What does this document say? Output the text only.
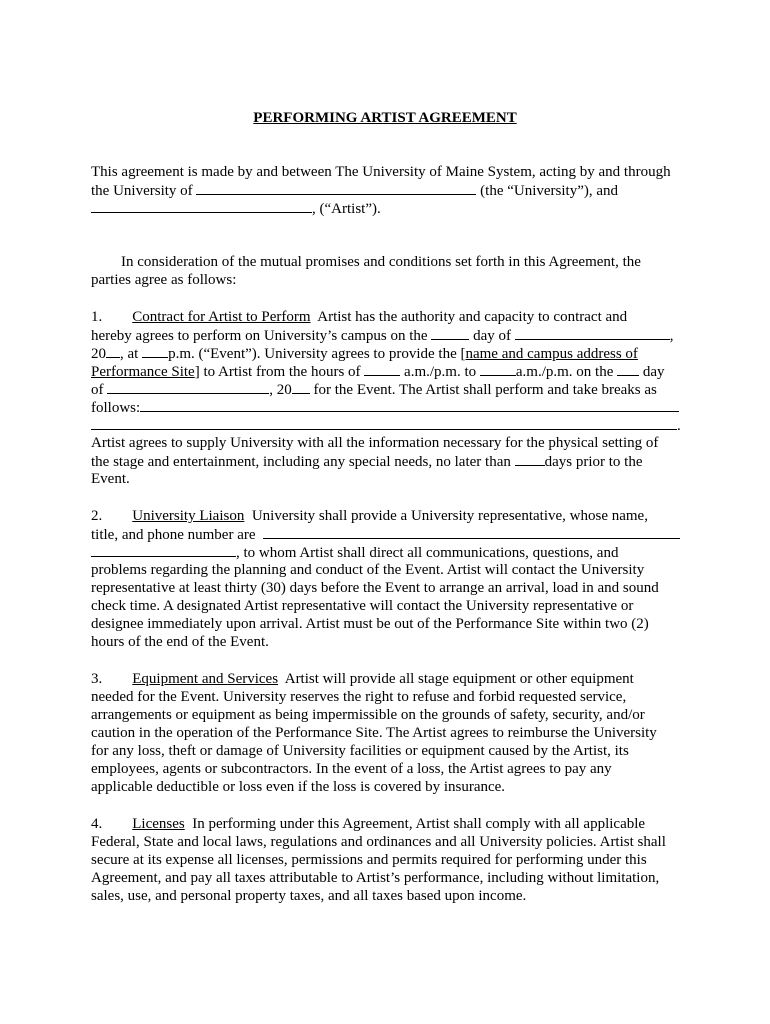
PERFORMING ARTIST AGREEMENT
This agreement is made by and between The University of Maine System, acting by and through
the University of	(the “University”), and
, (“Artist”).
In consideration of the mutual promises and conditions set forth in this Agreement, the
parties agree as follows:
1. Contract for Artist to Perform Artist has the authority and capacity to contract and
hereby agrees to perform on University’s campus on the	day of	,
20 , at p.m. (“Event”). University agrees to provide the [name and campus address of
Performance Site] to Artist from the hours of	a.m./p.m. to	a.m./p.m. on the day
of	, 20 for the Event. The Artist shall perform and take breaks as
follows:
.
Artist agrees to supply University with all the information necessary for the physical setting of
the stage and entertainment, including any special needs, no later than days prior to the
Event.
2. University Liaison University shall provide a University representative, whose name,
title, and phone number are
, to whom Artist shall direct all communications, questions, and
problems regarding the planning and conduct of the Event. Artist will contact the University
representative at least thirty (30) days before the Event to arrange an arrival, load in and sound
check time. A designated Artist representative will contact the University representative or
designee immediately upon arrival. Artist must be out of the Performance Site within two (2)
hours of the end of the Event.
3. Equipment and Services Artist will provide all stage equipment or other equipment
needed for the Event. University reserves the right to refuse and forbid requested service,
arrangements or equipment as being impermissible on the grounds of safety, security, and/or
caution in the operation of the Performance Site. The Artist agrees to reimburse the University
for any loss, theft or damage of University facilities or equipment caused by the Artist, its
employees, agents or subcontractors. In the event of a loss, the Artist agrees to pay any
applicable deductible or loss even if the loss is covered by insurance.
4. Licenses In performing under this Agreement, Artist shall comply with all applicable
Federal, State and local laws, regulations and ordinances and all University policies. Artist shall
secure at its expense all licenses, permissions and permits required for performing under this
Agreement, and pay all taxes attributable to Artist’s performance, including without limitation,
sales, use, and personal property taxes, and all taxes based upon income.
